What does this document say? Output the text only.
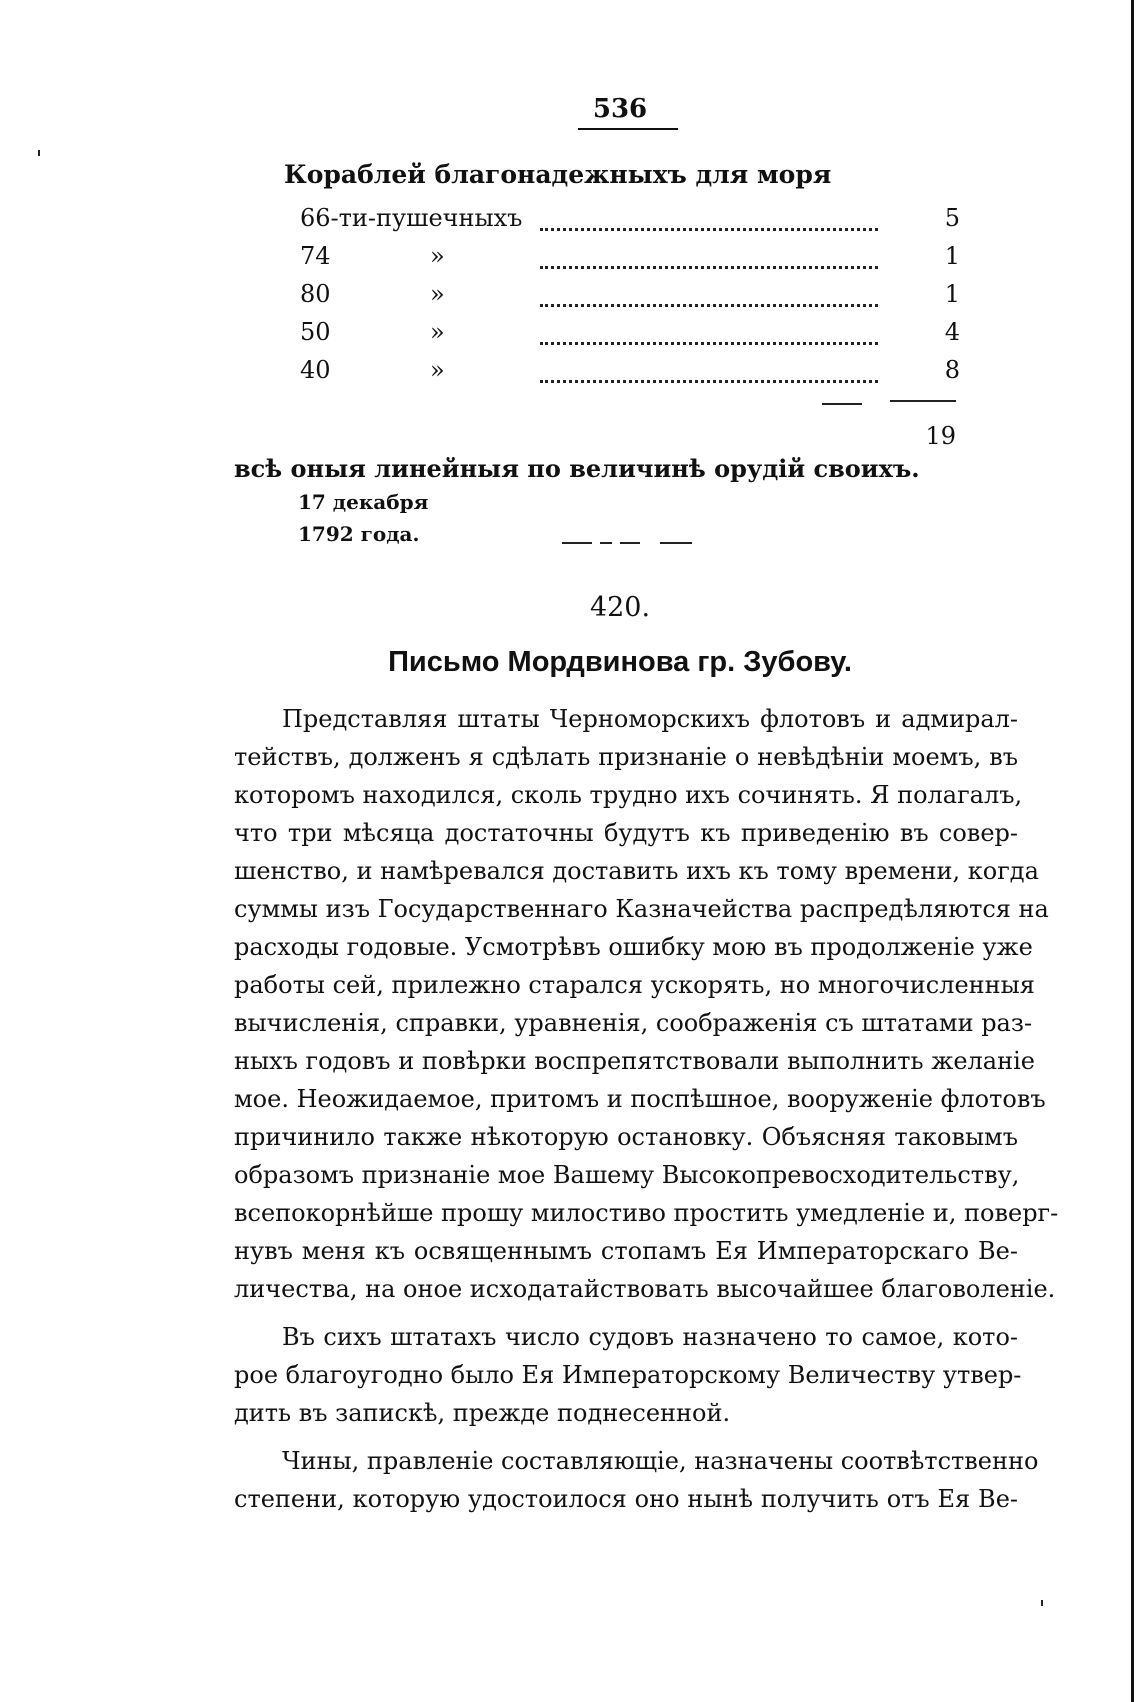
536
Кораблей благонадежныхъ для моря
66-ти-пушечныхъ	5
74	»	1
80	»	1
50	»	4
40	»	8
19
всѣ оныя линейныя по величинѣ орудій своихъ.
17 декабря
1792 года.
420.
Письмо Мордвинова гр. Зубову.
Представляя штаты Черноморскихъ флотовъ и адмирал-
тействъ, долженъ я сдѣлать признаніе о невѣдѣніи моемъ, въ
которомъ находился, сколь трудно ихъ сочинять. Я полагалъ,
что три мѣсяца достаточны будутъ къ приведенію въ совер-
шенство, и намѣревался доставить ихъ къ тому времени, когда
суммы изъ Государственнаго Казначейства распредѣляются на
расходы годовые. Усмотрѣвъ ошибку мою въ продолженіе уже
работы сей, прилежно старался ускорять, но многочисленныя
вычисленія, справки, уравненія, соображенія съ штатами раз-
ныхъ годовъ и повѣрки воспрепятствовали выполнить желаніе
мое. Неожидаемое, притомъ и поспѣшное, вооруженіе флотовъ
причинило также нѣкоторую остановку. Объясняя таковымъ
образомъ признаніе мое Вашему Высокопревосходительству,
всепокорнѣйше прошу милостиво простить умедленіе и, поверг-
нувъ меня къ освященнымъ стопамъ Ея Императорскаго Ве-
личества, на оное исходатайствовать высочайшее благоволеніе.
Въ сихъ штатахъ число судовъ назначено то самое, кото-
рое благоугодно было Ея Императорскому Величеству утвер-
дить въ запискѣ, прежде поднесенной.
Чины, правленіе составляющіе, назначены соотвѣтственно
степени, которую удостоилося оно нынѣ получить отъ Ея Ве-
